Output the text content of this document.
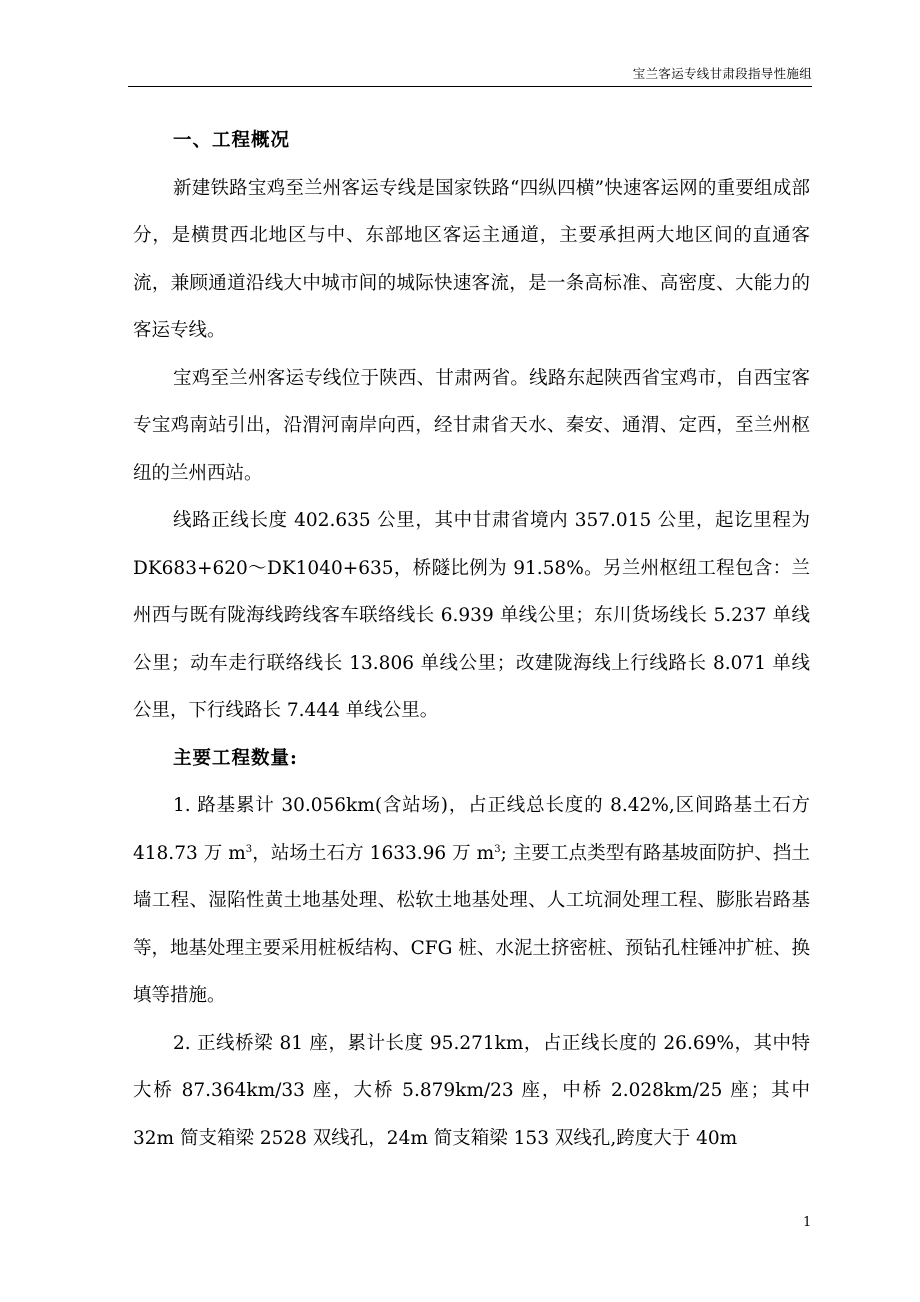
宝兰客运专线甘肃段指导性施组

一、工程概况

新建铁路宝鸡至兰州客运专线是国家铁路“四纵四横”快速客运网的重要组成部分，是横贯西北地区与中、东部地区客运主通道，主要承担两大地区间的直通客流，兼顾通道沿线大中城市间的城际快速客流，是一条高标准、高密度、大能力的客运专线。

宝鸡至兰州客运专线位于陕西、甘肃两省。线路东起陕西省宝鸡市，自西宝客专宝鸡南站引出，沿渭河南岸向西，经甘肃省天水、秦安、通渭、定西，至兰州枢纽的兰州西站。

线路正线长度 402.635 公里，其中甘肃省境内 357.015 公里，起讫里程为 DK683+620～DK1040+635，桥隧比例为 91.58%。另兰州枢纽工程包含：兰州西与既有陇海线跨线客车联络线长 6.939 单线公里；东川货场线长 5.237 单线公里；动车走行联络线长 13.806 单线公里；改建陇海线上行线路长 8.071 单线公里，下行线路长 7.444 单线公里。

主要工程数量:

1. 路基累计 30.056km(含站场)，占正线总长度的 8.42%,区间路基土石方 418.73 万 $m^3$，站场土石方 1633.96 万 $m^3$; 主要工点类型有路基坡面防护、挡土墙工程、湿陷性黄土地基处理、松软土地基处理、人工坑洞处理工程、膨胀岩路基等，地基处理主要采用桩板结构、CFG 桩、水泥土挤密桩、预钻孔柱锤冲扩桩、换填等措施。

2. 正线桥梁 81 座，累计长度 95.271km，占正线长度的 26.69%，其中特大桥 87.364km/33 座，大桥 5.879km/23 座，中桥 2.028km/25 座；其中 32m 简支箱梁 2528 双线孔，24m 简支箱梁 153 双线孔,跨度大于 40m

1
